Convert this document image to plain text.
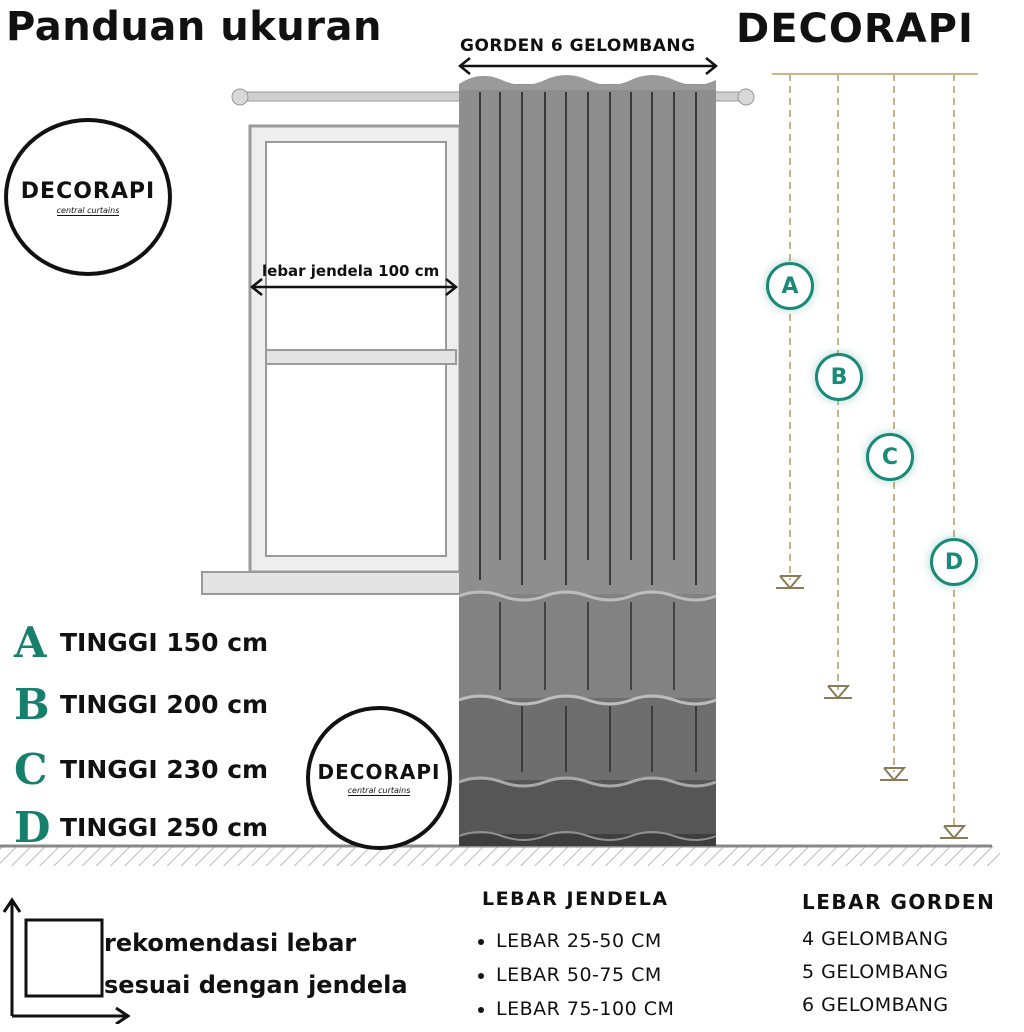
Panduan ukuran	DECORAPI
GORDEN 6 GELOMBANG
DECORAPI
central curtains
lebar jendela 100 cm
A
B
C
D
A TINGGI 150 cm
B TINGGI 200 cm
C TINGGI 230 cm
D TINGGI 250 cm
DECORAPI
central curtains
rekomendasi lebar
sesuai dengan jendela
LEBAR JENDELA
LEBAR 25-50 CM
LEBAR 50-75 CM
LEBAR 75-100 CM
LEBAR GORDEN
4 GELOMBANG
5 GELOMBANG
6 GELOMBANG
